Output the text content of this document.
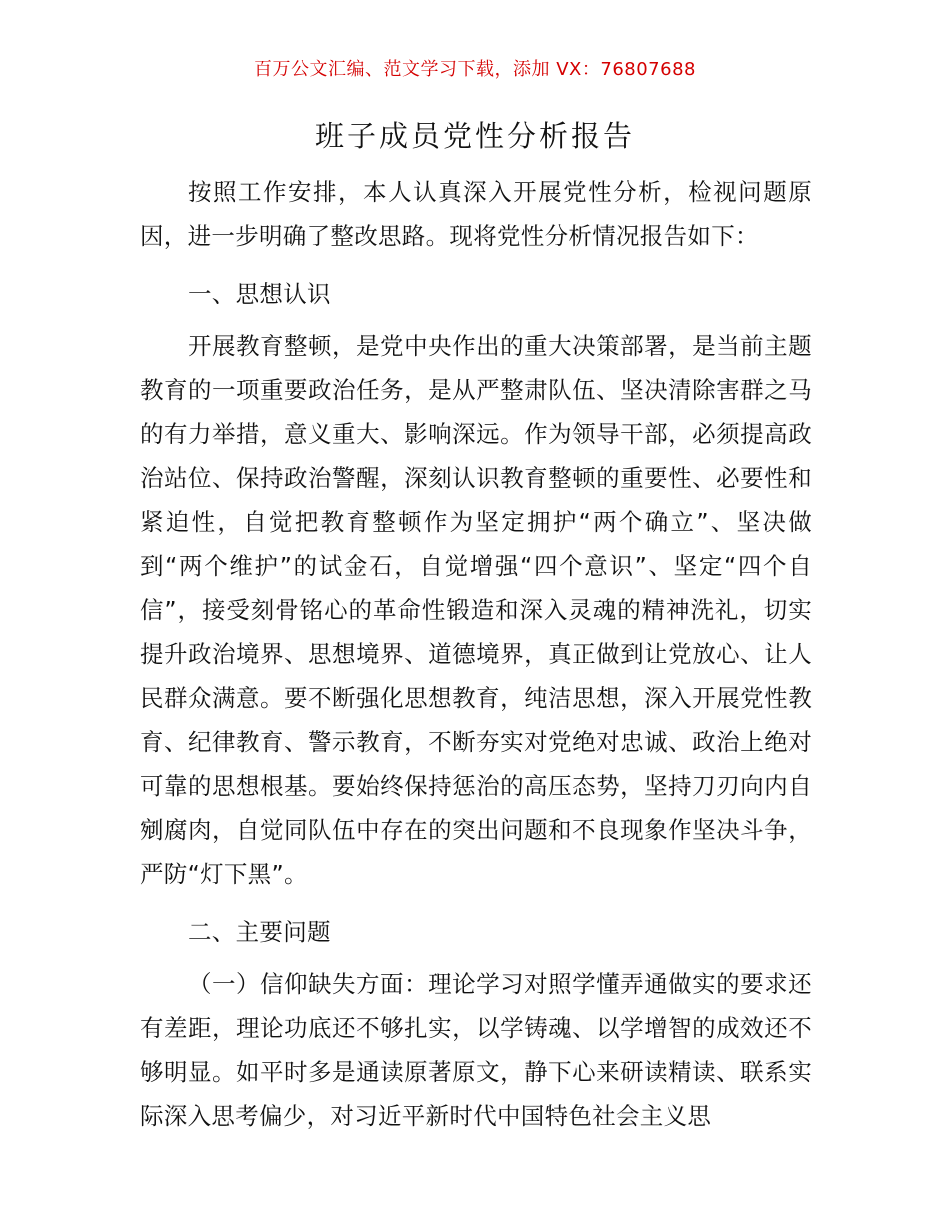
百万公文汇编、范文学习下载，添加 VX：76807688
班子成员党性分析报告

按照工作安排，本人认真深入开展党性分析，检视问题原因，进一步明确了整改思路。现将党性分析情况报告如下：

一、思想认识

开展教育整顿，是党中央作出的重大决策部署，是当前主题教育的一项重要政治任务，是从严整肃队伍、坚决清除害群之马的有力举措，意义重大、影响深远。作为领导干部，必须提高政治站位、保持政治警醒，深刻认识教育整顿的重要性、必要性和紧迫性，自觉把教育整顿作为坚定拥护“两个确立”、坚决做到“两个维护”的试金石，自觉增强“四个意识”、坚定“四个自信”，接受刻骨铭心的革命性锻造和深入灵魂的精神洗礼，切实提升政治境界、思想境界、道德境界，真正做到让党放心、让人民群众满意。要不断强化思想教育，纯洁思想，深入开展党性教育、纪律教育、警示教育，不断夯实对党绝对忠诚、政治上绝对可靠的思想根基。要始终保持惩治的高压态势，坚持刀刃向内自剜腐肉，自觉同队伍中存在的突出问题和不良现象作坚决斗争，严防“灯下黑”。

二、主要问题

（一）信仰缺失方面：理论学习对照学懂弄通做实的要求还有差距，理论功底还不够扎实，以学铸魂、以学增智的成效还不够明显。如平时多是通读原著原文，静下心来研读精读、联系实际深入思考偏少，对习近平新时代中国特色社会主义思
